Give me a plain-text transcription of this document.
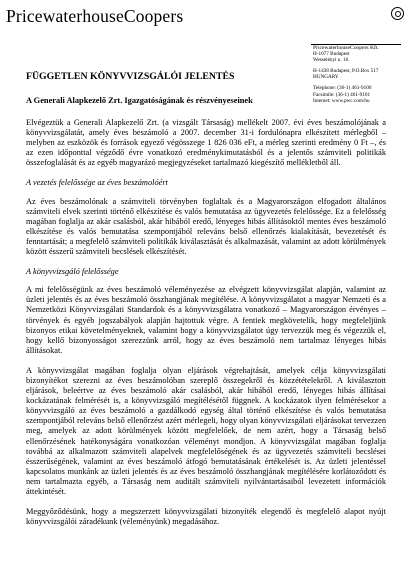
PricewaterhouseCoopers
PricewaterhouseCoopers Kft.
H-1077 Budapest
Wesselényi u. 16.
H-1438 Budapest, P.O.Box 517
HUNGARY
Telephone: (36-1) 461-9100
Facsimile: (36-1) 461-9101
Internet: www.pwc.com/hu
FÜGGETLEN KÖNYVVIZSGÁLÓI JELENTÉS
A Generali Alapkezelő Zrt. Igazgatóságának és részvényeseinek

Elvégeztük a Generali Alapkezelő Zrt. (a vizsgált Társaság) mellékelt 2007. évi éves beszámolójának a könyvvizsgálatát, amely éves beszámoló a 2007. december 31-i fordulónapra elkészített mérlegből – melyben az eszközök és források egyező végösszege 1 826 036 eFt, a mérleg szerinti eredmény 0 Ft –, és az ezen időponttal végződő évre vonatkozó eredménykimutatásból és a jelentős számviteli politikák összefoglalását és az egyéb magyarázó megjegyzéseket tartalmazó kiegészítő mellékletből áll.

A vezetés felelőssége az éves beszámolóért

Az éves beszámolónak a számviteli törvényben foglaltak és a Magyarországon elfogadott általános számviteli elvek szerinti történő elkészítése és valós bemutatása az ügyvezetés felelőssége. Ez a felelősség magában foglalja az akár csalásból, akár hibából eredő, lényeges hibás állításoktól mentes éves beszámoló elkészítése és valós bemutatása szempontjából releváns belső ellenőrzés kialakítását, bevezetését és fenntartását; a megfelelő számviteli politikák kiválasztását és alkalmazását, valamint az adott körülmények között ésszerű számviteli becslések elkészítését.

A könyvvizsgáló felelőssége

A mi felelősségünk az éves beszámoló véleményezése az elvégzett könyvvizsgálat alapján, valamint az üzleti jelentés és az éves beszámoló összhangjának megítélése. A könyvvizsgálatot a magyar Nemzeti és a Nemzetközi Könyvvizsgálati Standardok és a könyvvizsgálatra vonatkozó – Magyarországon érvényes – törvények és egyéb jogszabályok alapján hajtottuk végre. A fentiek megkövetelik, hogy megfeleljünk bizonyos etikai követelményeknek, valamint hogy a könyvvizsgálatot úgy tervezzük meg és végezzük el, hogy kellő bizonyosságot szerezzünk arról, hogy az éves beszámoló nem tartalmaz lényeges hibás állításokat.

A könyvvizsgálat magában foglalja olyan eljárások végrehajtását, amelyek célja könyvvizsgálati bizonyítékot szerezni az éves beszámolóban szereplő összegekről és közzétételekről. A kiválasztott eljárások, beleértve az éves beszámoló akár csalásból, akár hibából eredő, lényeges hibás állításai kockázatának felmérését is, a könyvvizsgáló megítélésétől függnek. A kockázatok ilyen felmérésekor a könyvvizsgáló az éves beszámoló a gazdálkodó egység által történő elkészítése és valós bemutatása szempontjából releváns belső ellenőrzést azért mérlegeli, hogy olyan könyvvizsgálati eljárásokat tervezzen meg, amelyek az adott körülmények között megfelelőek, de nem azért, hogy a Társaság belső ellenőrzésének hatékonyságára vonatkozóan véleményt mondjon. A könyvvizsgálat magában foglalja továbbá az alkalmazott számviteli alapelvek megfelelőségének és az ügyvezetés számviteli becslései ésszerűségének, valamint az éves beszámoló átfogó bemutatásának értékelését is. Az üzleti jelentéssel kapcsolatos munkánk az üzleti jelentés és az éves beszámoló összhangjának megítélésére korlátozódott és nem tartalmazta egyéb, a Társaság nem auditált számviteli nyilvántartásaiból levezetett információk áttekintését.

Meggyőződésünk, hogy a megszerzett könyvvizsgálati bizonyíték elegendő és megfelelő alapot nyújt könyvvizsgálói záradékunk (véleményünk) megadásához.
